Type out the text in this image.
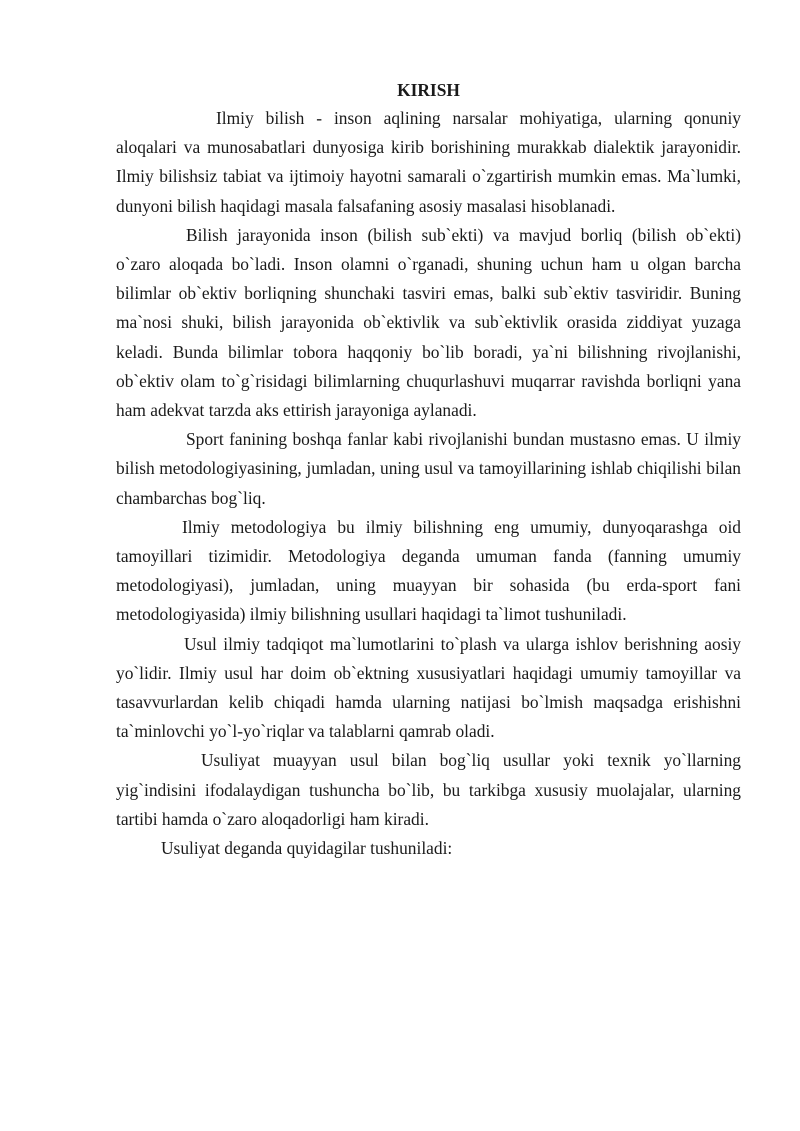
KIRISH

Ilmiy bilish - inson aqlining narsalar mohiyatiga, ularning qonuniy aloqalari va munosabatlari dunyosiga kirib borishining murakkab dialektik jarayonidir. Ilmiy bilishsiz tabiat va ijtimoiy hayotni samarali o`zgartirish mumkin emas. Ma`lumki, dunyoni bilish haqidagi masala falsafaning asosiy masalasi hisoblanadi.

Bilish jarayonida inson (bilish sub`ekti) va mavjud borliq (bilish ob`ekti) o`zaro aloqada bo`ladi. Inson olamni o`rganadi, shuning uchun ham u olgan barcha bilimlar ob`ektiv borliqning shunchaki tasviri emas, balki sub`ektiv tasviridir. Buning ma`nosi shuki, bilish jarayonida ob`ektivlik va sub`ektivlik orasida ziddiyat yuzaga keladi. Bunda bilimlar tobora haqqoniy bo`lib boradi, ya`ni bilishning rivojlanishi, ob`ektiv olam to`g`risidagi bilimlarning chuqurlashuvi muqarrar ravishda borliqni yana ham adekvat tarzda aks ettirish jarayoniga aylanadi.

Sport fanining boshqa fanlar kabi rivojlanishi bundan mustasno emas. U ilmiy bilish metodologiyasining, jumladan, uning usul va tamoyillarining ishlab chiqilishi bilan chambarchas bog`liq.

Ilmiy metodologiya bu ilmiy bilishning eng umumiy, dunyoqarashga oid tamoyillari tizimidir. Metodologiya deganda umuman fanda (fanning umumiy metodologiyasi), jumladan, uning muayyan bir sohasida (bu erda-sport fani metodologiyasida) ilmiy bilishning usullari haqidagi ta`limot tushuniladi.

Usul ilmiy tadqiqot ma`lumotlarini to`plash va ularga ishlov berishning aosiy yo`lidir. Ilmiy usul har doim ob`ektning xususiyatlari haqidagi umumiy tamoyillar va tasavvurlardan kelib chiqadi hamda ularning natijasi bo`lmish maqsadga erishishni ta`minlovchi yo`l-yo`riqlar va talablarni qamrab oladi.

Usuliyat muayyan usul bilan bog`liq usullar yoki texnik yo`llarning yig`indisini ifodalaydigan tushuncha bo`lib, bu tarkibga xususiy muolajalar, ularning tartibi hamda o`zaro aloqadorligi ham kiradi.

Usuliyat deganda quyidagilar tushuniladi:
